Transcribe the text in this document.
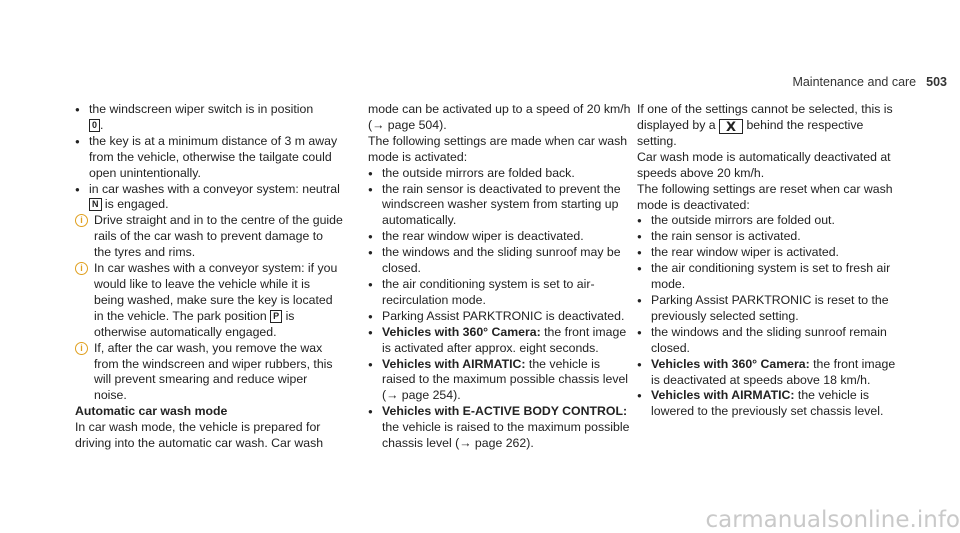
Maintenance and care 503

● the windscreen wiper switch is in position
0 .

● the key is at a minimum distance of 3 m away from the vehicle, otherwise the tailgate could open unintentionally.

● in car washes with a conveyor system: neutral N is engaged.

i Drive straight and in to the centre of the guide rails of the car wash to prevent damage to the tyres and rims.

i In car washes with a conveyor system: if you would like to leave the vehicle while it is being washed, make sure the key is located in the vehicle. The park position P is otherwise automatically engaged.

i If, after the car wash, you remove the wax from the windscreen and wiper rubbers, this will prevent smearing and reduce wiper noise.

Automatic car wash mode

In car wash mode, the vehicle is prepared for driving into the automatic car wash. Car wash

mode can be activated up to a speed of 20 km/h (→ page 504).

The following settings are made when car wash mode is activated:

● the outside mirrors are folded back.

● the rain sensor is deactivated to prevent the windscreen washer system from starting up automatically.

● the rear window wiper is deactivated.

● the windows and the sliding sunroof may be closed.

● the air conditioning system is set to air-recirculation mode.

● Parking Assist PARKTRONIC is deactivated.

● Vehicles with 360° Camera: the front image is activated after approx. eight seconds.

● Vehicles with AIRMATIC: the vehicle is raised to the maximum possible chassis level (→ page 254).

● Vehicles with E-ACTIVE BODY CONTROL: the vehicle is raised to the maximum possible chassis level (→ page 262).

If one of the settings cannot be selected, this is displayed by a 𝗫 behind the respective setting.

Car wash mode is automatically deactivated at speeds above 20 km/h.

The following settings are reset when car wash mode is deactivated:

● the outside mirrors are folded out.

● the rain sensor is activated.

● the rear window wiper is activated.

● the air conditioning system is set to fresh air mode.

● Parking Assist PARKTRONIC is reset to the previously selected setting.

● the windows and the sliding sunroof remain closed.

● Vehicles with 360° Camera: the front image is deactivated at speeds above 18 km/h.

● Vehicles with AIRMATIC: the vehicle is lowered to the previously set chassis level.

carmanualsonline.info
